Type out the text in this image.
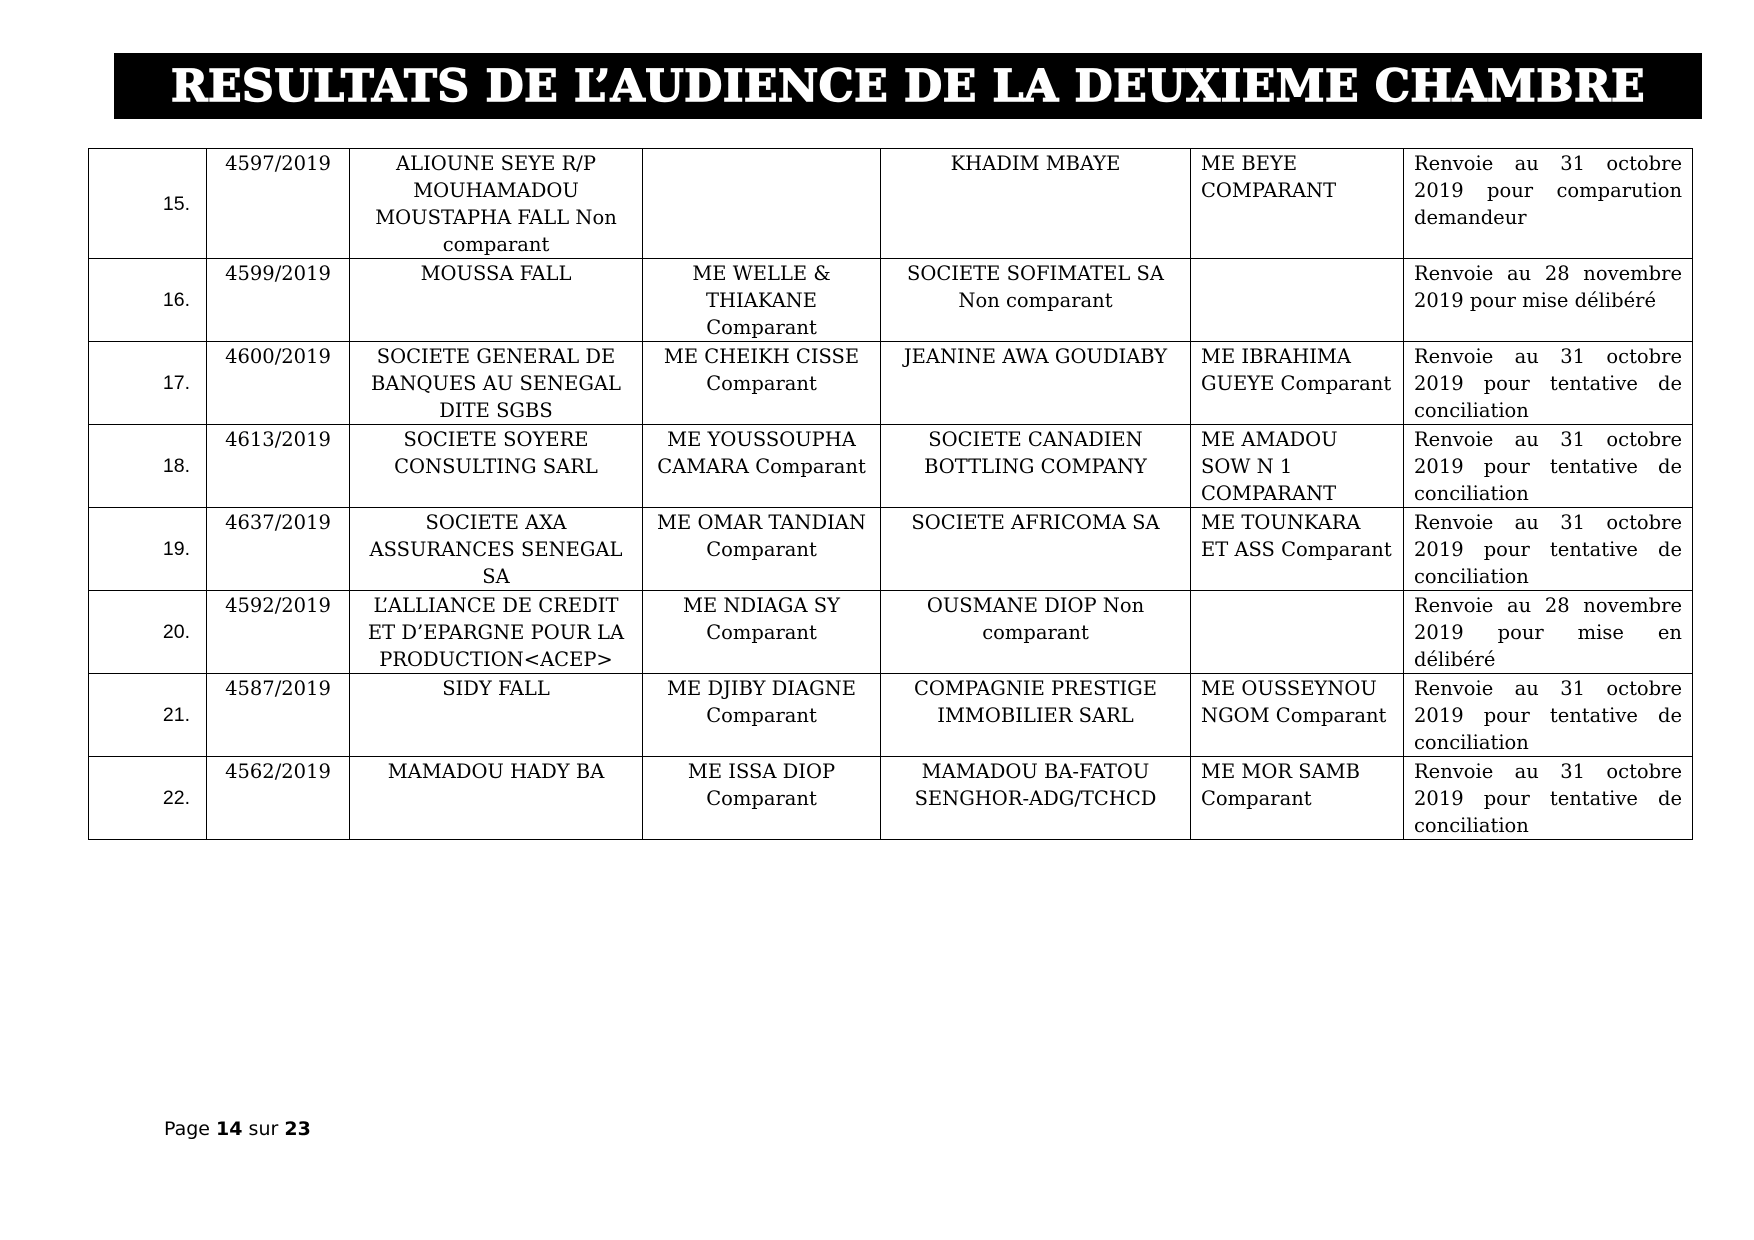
RESULTATS DE L’AUDIENCE DE LA DEUXIEME CHAMBRE
15.	4597/2019	ALIOUNE SEYE R/P MOUHAMADOU MOUSTAPHA FALL Non comparant		KHADIM MBAYE	ME BEYE COMPARANT	Renvoie au 31 octobre 2019 pour comparution demandeur
16.	4599/2019	MOUSSA FALL	ME WELLE & THIAKANE Comparant	SOCIETE SOFIMATEL SA Non comparant		Renvoie au 28 novembre 2019 pour mise délibéré
17.	4600/2019	SOCIETE GENERAL DE BANQUES AU SENEGAL DITE SGBS	ME CHEIKH CISSE Comparant	JEANINE AWA GOUDIABY	ME IBRAHIMA GUEYE Comparant	Renvoie au 31 octobre 2019 pour tentative de conciliation
18.	4613/2019	SOCIETE SOYERE CONSULTING SARL	ME YOUSSOUPHA CAMARA Comparant	SOCIETE CANADIEN BOTTLING COMPANY	ME AMADOU SOW N 1 COMPARANT	Renvoie au 31 octobre 2019 pour tentative de conciliation
19.	4637/2019	SOCIETE AXA ASSURANCES SENEGAL SA	ME OMAR TANDIAN Comparant	SOCIETE AFRICOMA SA	ME TOUNKARA ET ASS Comparant	Renvoie au 31 octobre 2019 pour tentative de conciliation
20.	4592/2019	L’ALLIANCE DE CREDIT ET D’EPARGNE POUR LA PRODUCTION<ACEP>	ME NDIAGA SY Comparant	OUSMANE DIOP Non comparant		Renvoie au 28 novembre 2019 pour mise en délibéré
21.	4587/2019	SIDY FALL	ME DJIBY DIAGNE Comparant	COMPAGNIE PRESTIGE IMMOBILIER SARL	ME OUSSEYNOU NGOM Comparant	Renvoie au 31 octobre 2019 pour tentative de conciliation
22.	4562/2019	MAMADOU HADY BA	ME ISSA DIOP Comparant	MAMADOU BA-FATOU SENGHOR-ADG/TCHCD	ME MOR SAMB Comparant	Renvoie au 31 octobre 2019 pour tentative de conciliation
Page 14 sur 23
